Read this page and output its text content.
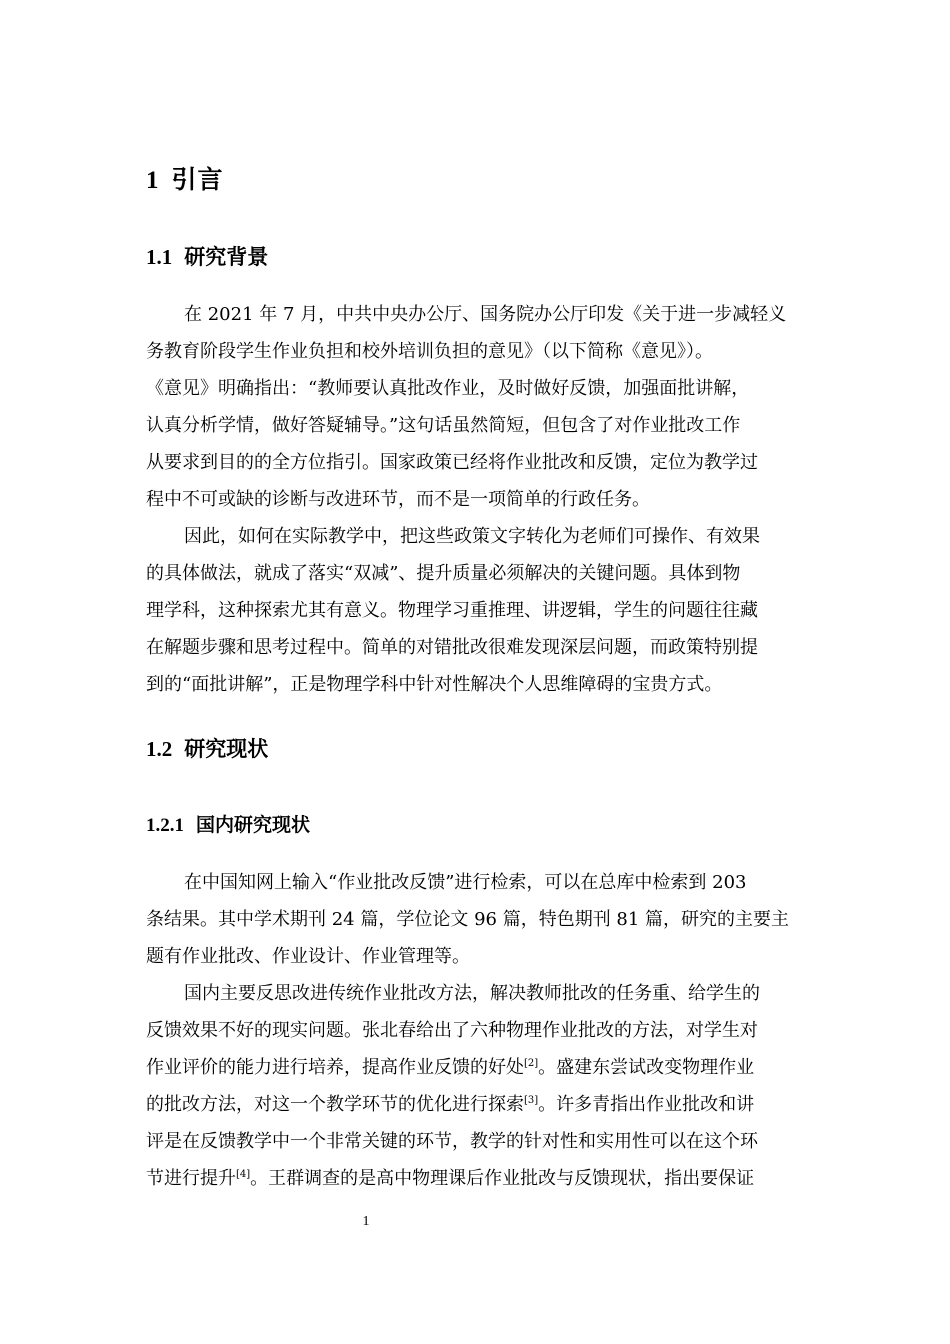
1 引言
1.1 研究背景
在 2021 年 7 月，中共中央办公厅、国务院办公厅印发《关于进一步减轻义
务教育阶段学生作业负担和校外培训负担的意见》（以下简称《意见》）。
《意见》明确指出：“教师要认真批改作业，及时做好反馈，加强面批讲解，
认真分析学情，做好答疑辅导。”这句话虽然简短，但包含了对作业批改工作
从要求到目的的全方位指引。国家政策已经将作业批改和反馈，定位为教学过
程中不可或缺的诊断与改进环节，而不是一项简单的行政任务。
因此，如何在实际教学中，把这些政策文字转化为老师们可操作、有效果
的具体做法，就成了落实“双减”、提升质量必须解决的关键问题。具体到物
理学科，这种探索尤其有意义。物理学习重推理、讲逻辑，学生的问题往往藏
在解题步骤和思考过程中。简单的对错批改很难发现深层问题，而政策特别提
到的“面批讲解”，正是物理学科中针对性解决个人思维障碍的宝贵方式。
1.2 研究现状
1.2.1 国内研究现状
在中国知网上输入“作业批改反馈”进行检索，可以在总库中检索到 203
条结果。其中学术期刊 24 篇，学位论文 96 篇，特色期刊 81 篇，研究的主要主
题有作业批改、作业设计、作业管理等。
国内主要反思改进传统作业批改方法，解决教师批改的任务重、给学生的
反馈效果不好的现实问题。张北春给出了六种物理作业批改的方法，对学生对
作业评价的能力进行培养，提高作业反馈的好处[2]。盛建东尝试改变物理作业
的批改方法，对这一个教学环节的优化进行探索[3]。许多青指出作业批改和讲
评是在反馈教学中一个非常关键的环节，教学的针对性和实用性可以在这个环
节进行提升[4]。王群调查的是高中物理课后作业批改与反馈现状，指出要保证
1
